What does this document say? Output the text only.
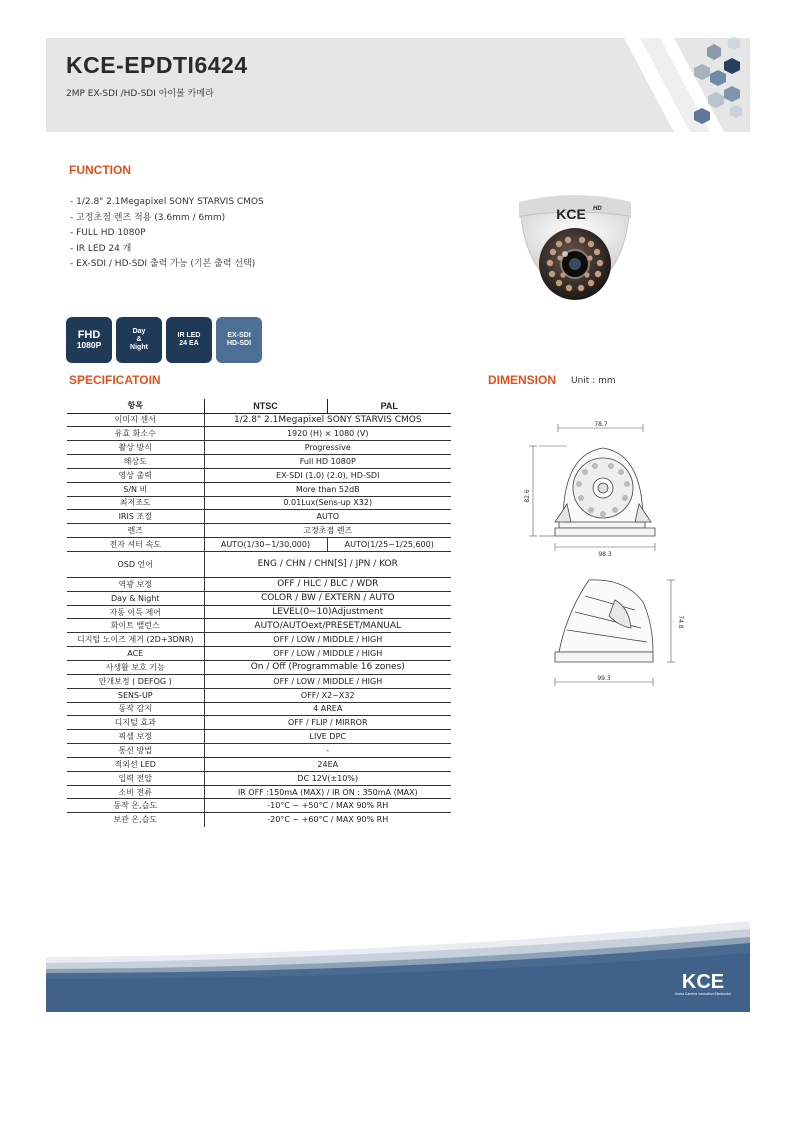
KCE-EPDTI6424
2MP EX-SDI /HD-SDI 아이볼 카메라
FUNCTION
- 1/2.8" 2.1Megapixel SONY STARVIS CMOS
- 고정초점 렌즈 적용 (3.6mm / 6mm)
- FULL HD 1080P
- IR LED 24 개
- EX-SDI / HD-SDI 출력 가능 (기본 출력 선택)
KCE HD
FHD
1080P
Day
&
Night
IR LED
24 EA
EX-SDI
HD-SDI
SPECIFICATOIN
항목	NTSC	PAL
이미지 센서	1/2.8" 2.1Megapixel SONY STARVIS CMOS	
유효 화소수	1920 (H) × 1080 (V)	
촬상 방식	Progressive	
해상도	Full HD 1080P	
영상 출력	EX-SDI (1.0) (2.0), HD-SDI	
S/N 비	More than 52dB	
최저조도	0.01Lux(Sens-up X32)	
IRIS 조절	AUTO	
렌즈	고정초점 렌즈	
전자 셔터 속도	AUTO(1/30~1/30,000)	AUTO(1/25~1/25,600)
OSD 언어	ENG / CHN / CHN[S] / JPN / KOR	
역광 보정	OFF / HLC / BLC / WDR	
Day & Night	COLOR / BW / EXTERN / AUTO	
자동 이득 제어	LEVEL(0~10)Adjustment	
화이트 밸런스	AUTO/AUTOext/PRESET/MANUAL	
디지털 노이즈 제거 (2D+3DNR)	OFF / LOW / MIDDLE / HIGH	
ACE	OFF / LOW / MIDDLE / HIGH	
사생활 보호 기능	On / Off (Programmable 16 zones)	
안개보정 ( DEFOG )	OFF / LOW / MIDDLE / HIGH	
SENS-UP	OFF/ X2~X32	
동작 감지	4 AREA	
디지털 효과	OFF / FLIP / MIRROR	
픽셀 보정	LIVE DPC	
통신 방법	-	
적외선 LED	24EA	
입력 전압	DC 12V(±10%)	
소비 전류	IR OFF :150mA (MAX) / IR ON : 350mA (MAX)	
동작 온,습도	-10°C ~ +50°C / MAX 90% RH	
보관 온,습도	-20°C ~ +60°C / MAX 90% RH	
DIMENSION Unit : mm
78.7
82.6
98.3
74.8
99.3
KCE
Korea Camera Innovation Electronics
